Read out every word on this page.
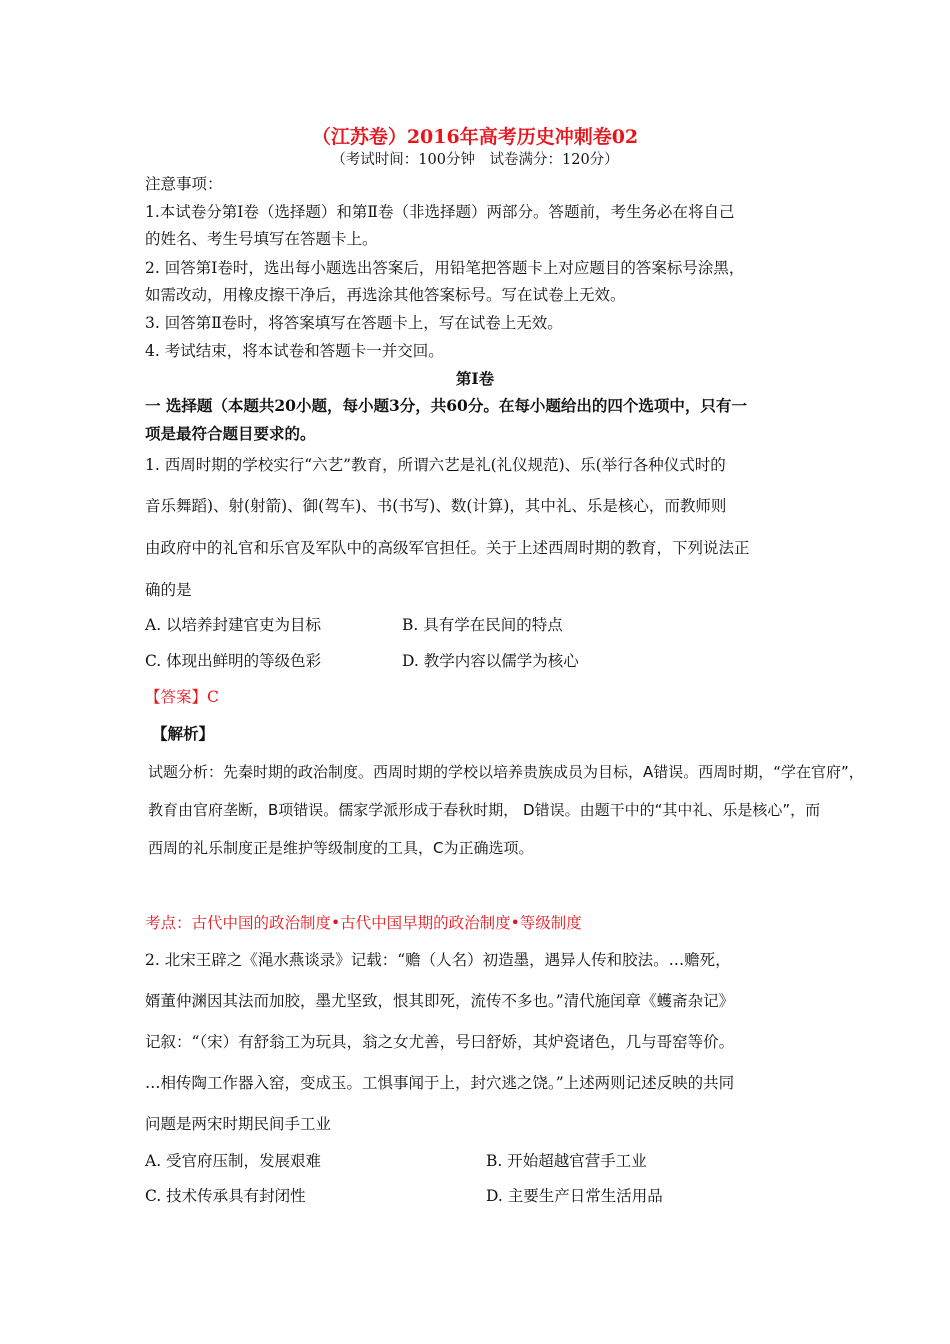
（江苏卷）2016年高考历史冲刺卷02
（考试时间：100分钟　试卷满分：120分）
注意事项：
1.本试卷分第Ⅰ卷（选择题）和第Ⅱ卷（非选择题）两部分。答题前，考生务必在将自己
的姓名、考生号填写在答题卡上。
2. 回答第Ⅰ卷时，选出每小题选出答案后，用铅笔把答题卡上对应题目的答案标号涂黑，
如需改动，用橡皮擦干净后，再选涂其他答案标号。写在试卷上无效。
3. 回答第Ⅱ卷时，将答案填写在答题卡上，写在试卷上无效。
4. 考试结束，将本试卷和答题卡一并交回。
第Ⅰ卷
一 选择题（本题共20小题，每小题3分，共60分。在每小题给出的四个选项中，只有一
项是最符合题目要求的。
1. 西周时期的学校实行“六艺”教育，所谓六艺是礼(礼仪规范)、乐(举行各种仪式时的
音乐舞蹈)、射(射箭)、御(驾车)、书(书写)、数(计算)，其中礼、乐是核心，而教师则
由政府中的礼官和乐官及军队中的高级军官担任。关于上述西周时期的教育，下列说法正
确的是
A. 以培养封建官吏为目标	B. 具有学在民间的特点
C. 体现出鲜明的等级色彩	D. 教学内容以儒学为核心
【答案】C
【解析】
试题分析：先秦时期的政治制度。西周时期的学校以培养贵族成员为目标，A错误。西周时期，“学在官府”，
教育由官府垄断，B项错误。儒家学派形成于春秋时期， D错误。由题干中的“其中礼、乐是核心”，而
西周的礼乐制度正是维护等级制度的工具，C为正确选项。
考点：古代中国的政治制度•古代中国早期的政治制度•等级制度
2. 北宋王辟之《渑水燕谈录》记载：“赡（人名）初造墨，遇异人传和胶法。…赡死，
婿董仲渊因其法而加胶，墨尤坚致，恨其即死，流传不多也。”清代施闰章《蠖斋杂记》
记叙：“（宋）有舒翁工为玩具，翁之女尤善，号曰舒娇，其炉瓷诸色，几与哥窑等价。
…相传陶工作器入窑，变成玉。工惧事闻于上，封穴逃之饶。”上述两则记述反映的共同
问题是两宋时期民间手工业
A. 受官府压制，发展艰难	B. 开始超越官营手工业
C. 技术传承具有封闭性	D. 主要生产日常生活用品
